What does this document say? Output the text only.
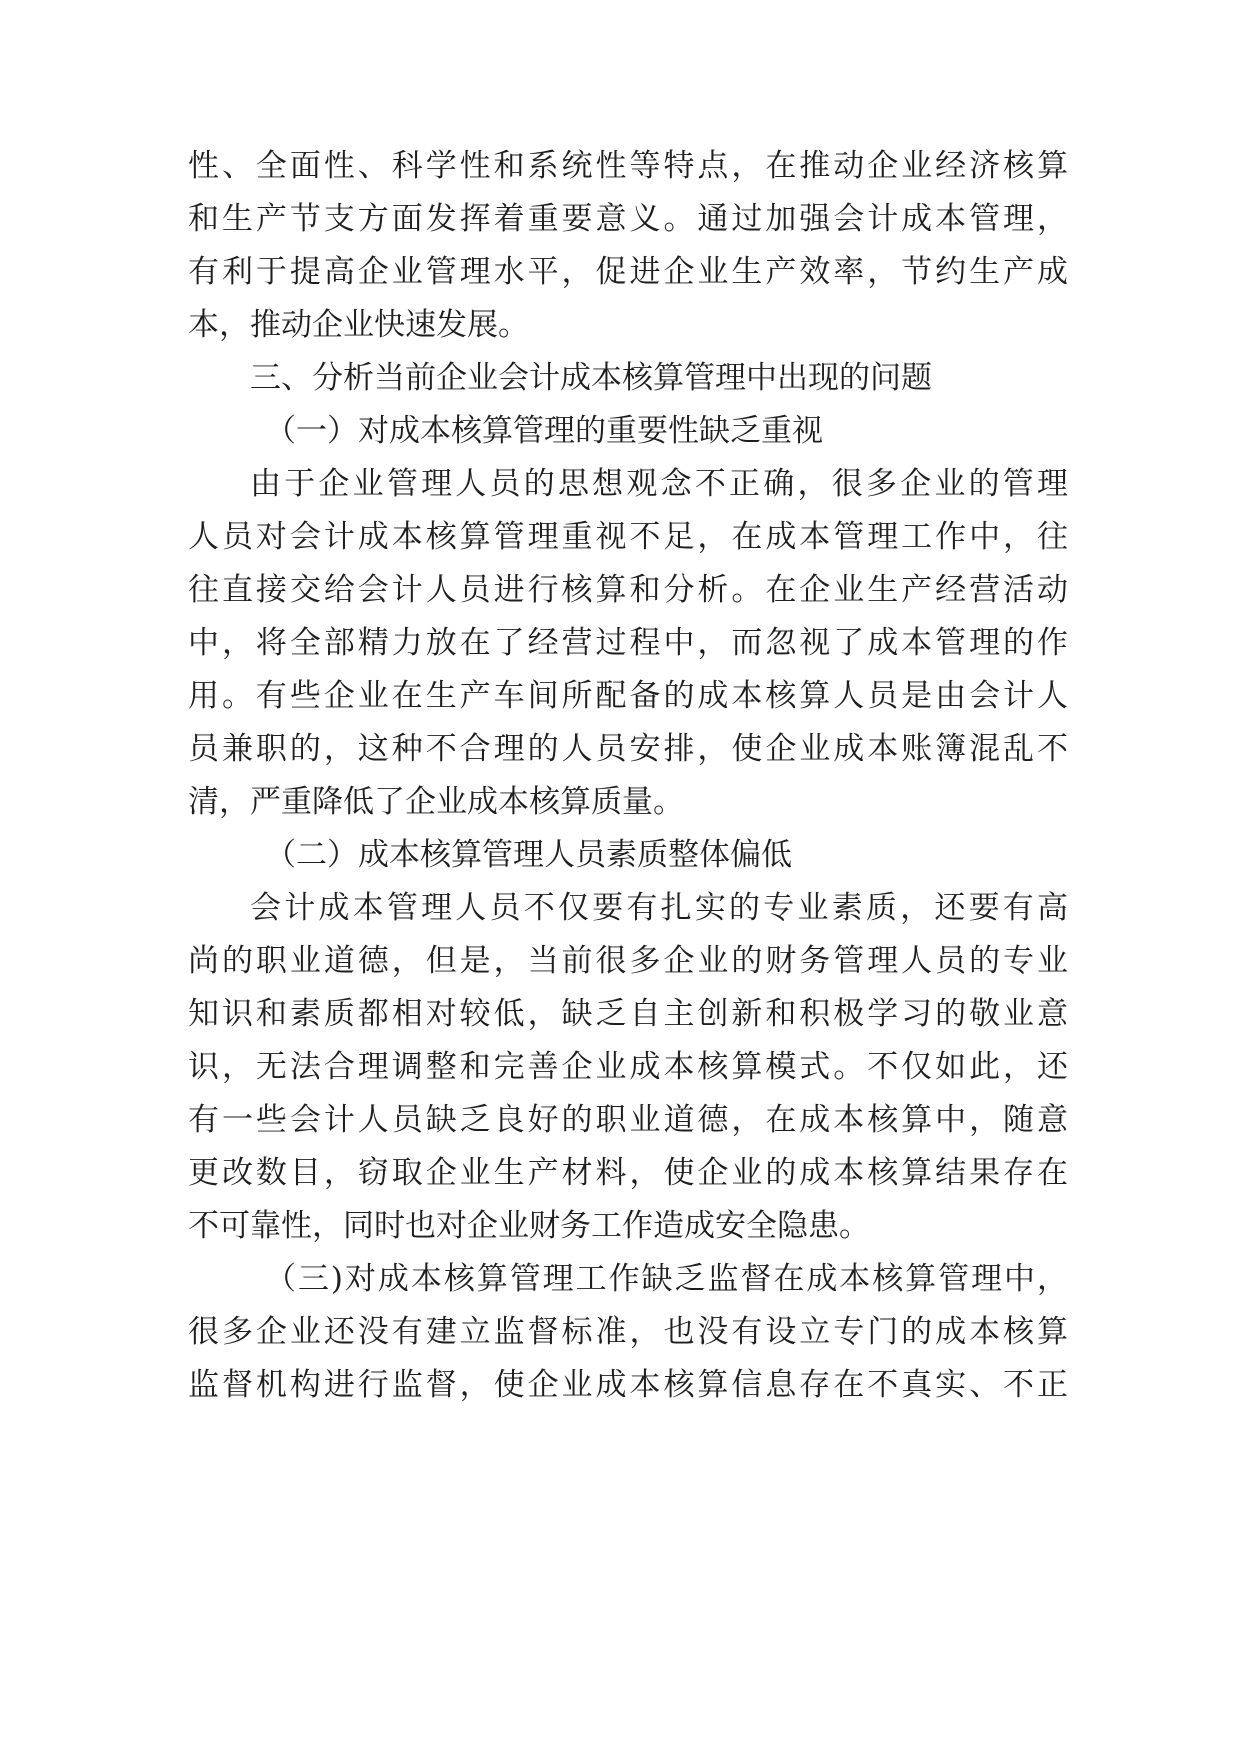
性、全面性、科学性和系统性等特点，在推动企业经济核算
和生产节支方面发挥着重要意义。通过加强会计成本管理，
有利于提高企业管理水平，促进企业生产效率，节约生产成
本，推动企业快速发展。
三、分析当前企业会计成本核算管理中出现的问题
（一）对成本核算管理的重要性缺乏重视
由于企业管理人员的思想观念不正确，很多企业的管理
人员对会计成本核算管理重视不足，在成本管理工作中，往
往直接交给会计人员进行核算和分析。在企业生产经营活动
中，将全部精力放在了经营过程中，而忽视了成本管理的作
用。有些企业在生产车间所配备的成本核算人员是由会计人
员兼职的，这种不合理的人员安排，使企业成本账簿混乱不
清，严重降低了企业成本核算质量。
（二）成本核算管理人员素质整体偏低
会计成本管理人员不仅要有扎实的专业素质，还要有高
尚的职业道德，但是，当前很多企业的财务管理人员的专业
知识和素质都相对较低，缺乏自主创新和积极学习的敬业意
识，无法合理调整和完善企业成本核算模式。不仅如此，还
有一些会计人员缺乏良好的职业道德，在成本核算中，随意
更改数目，窃取企业生产材料，使企业的成本核算结果存在
不可靠性，同时也对企业财务工作造成安全隐患。
（三)对成本核算管理工作缺乏监督在成本核算管理中，
很多企业还没有建立监督标准，也没有设立专门的成本核算
监督机构进行监督，使企业成本核算信息存在不真实、不正
